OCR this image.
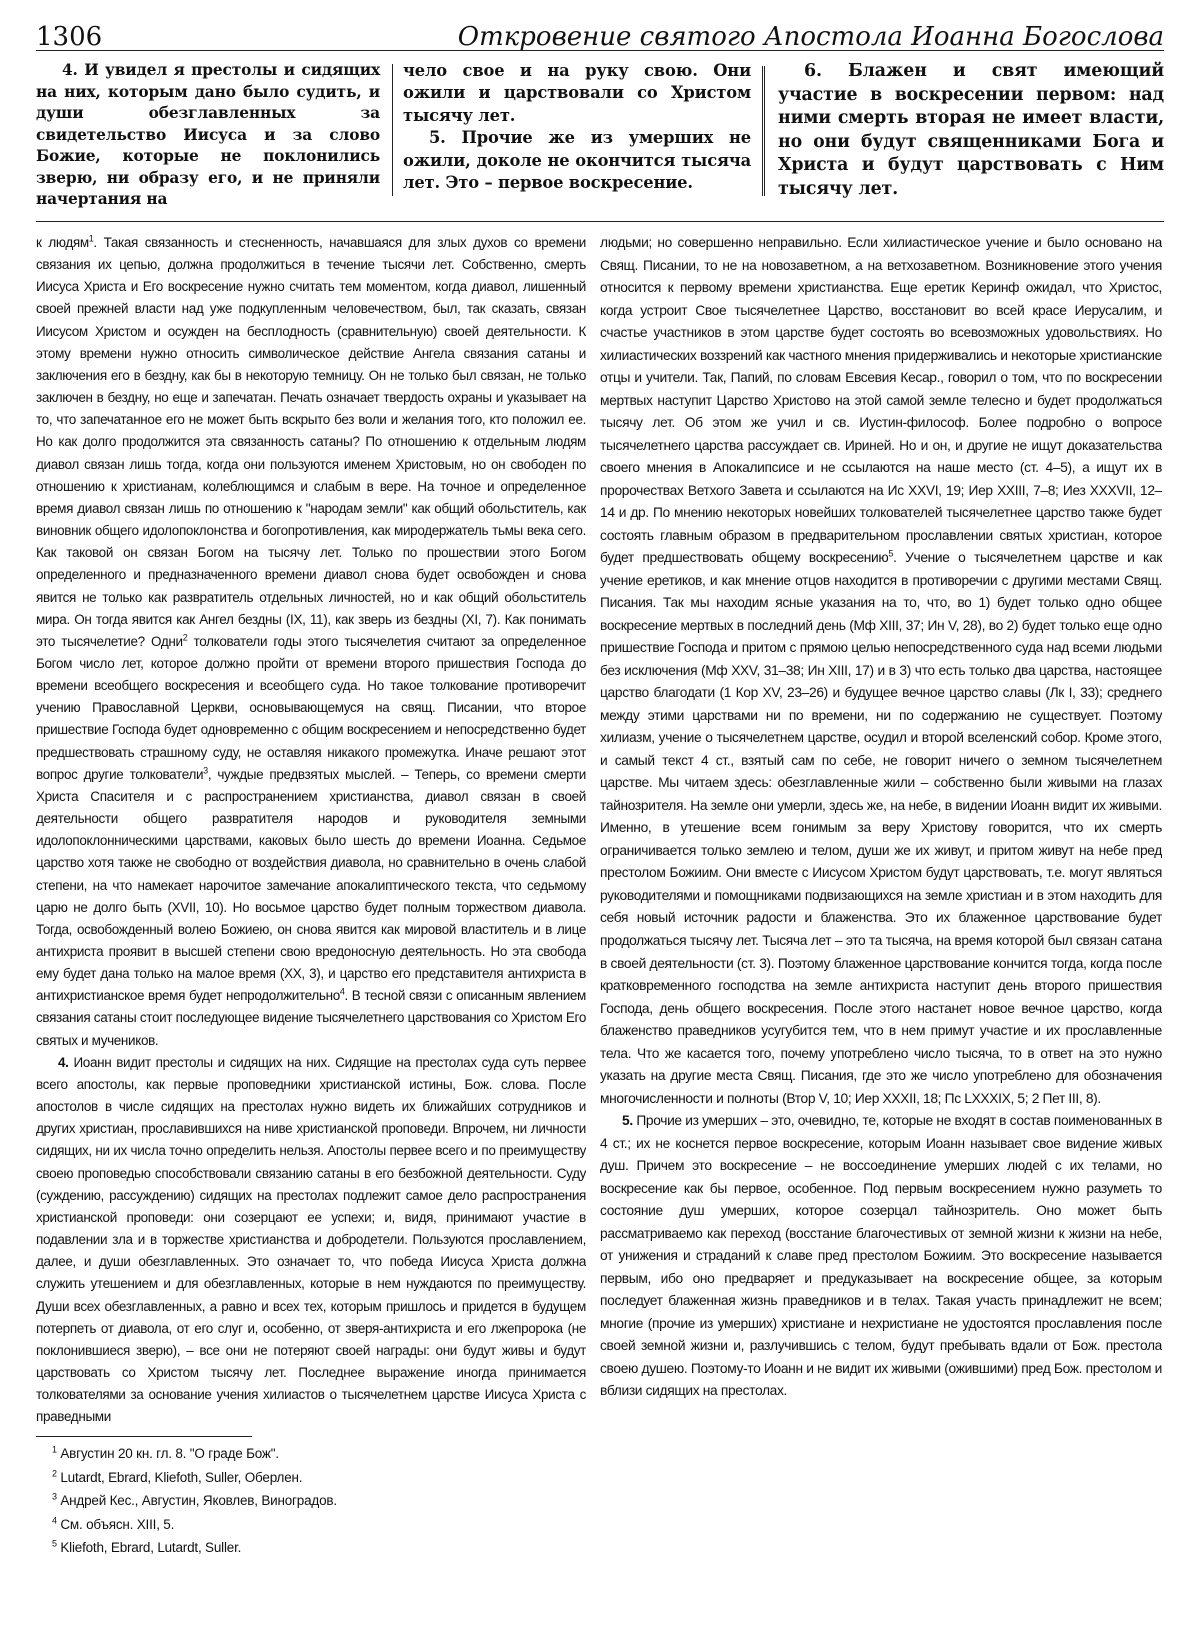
1306	Откровение святого Апостола Иоанна Богослова

4. И увидел я престолы и сидящих на них, которым дано было судить, и души обезглавленных за свидетельство Иисуса и за слово Божие, которые не поклонились зверю, ни образу его, и не приняли начертания на

чело свое и на руку свою. Они ожили и царствовали со Христом тысячу лет.

5. Прочие же из умерших не ожили, доколе не окончится тысяча лет. Это – первое воскресение.

6. Блажен и свят имеющий участие в воскресении первом: над ними смерть вторая не имеет власти, но они будут священниками Бога и Христа и будут царствовать с Ним тысячу лет.

к людям$^1$. Такая связанность и стесненность, начавшаяся для злых духов со времени связания их цепью, должна продолжиться в течение тысячи лет. Собственно, смерть Иисуса Христа и Его воскресение нужно считать тем моментом, когда диавол, лишенный своей прежней власти над уже подкупленным человечеством, был, так сказать, связан Иисусом Христом и осужден на бесплодность (сравнительную) своей деятельности. К этому времени нужно относить символическое действие Ангела связания сатаны и заключения его в бездну, как бы в некоторую темницу. Он не только был связан, не только заключен в бездну, но еще и запечатан. Печать означает твердость охраны и указывает на то, что запечатанное его не может быть вскрыто без воли и желания того, кто положил ее. Но как долго продолжится эта связанность сатаны? По отношению к отдельным людям диавол связан лишь тогда, когда они пользуются именем Христовым, но он свободен по отношению к христианам, колеблющимся и слабым в вере. На точное и определенное время диавол связан лишь по отношению к "народам земли" как общий обольститель, как виновник общего идолопоклонства и богопротивления, как миродержатель тьмы века сего. Как таковой он связан Богом на тысячу лет. Только по прошествии этого Богом определенного и предназначенного времени диавол снова будет освобожден и снова явится не только как развратитель отдельных личностей, но и как общий обольститель мира. Он тогда явится как Ангел бездны (IX, 11), как зверь из бездны (XI, 7). Как понимать это тысячелетие? Одни$^2$ толкователи годы этого тысячелетия считают за определенное Богом число лет, которое должно пройти от времени второго пришествия Господа до времени всеобщего воскресения и всеобщего суда. Но такое толкование противоречит учению Православной Церкви, основывающемуся на свящ. Писании, что второе пришествие Господа будет одновременно с общим воскресением и непосредственно будет предшествовать страшному суду, не оставляя никакого промежутка. Иначе решают этот вопрос другие толкователи$^3$, чуждые предвзятых мыслей. – Теперь, со времени смерти Христа Спасителя и с распространением христианства, диавол связан в своей деятельности общего развратителя народов и руководителя земными идолопоклонническими царствами, каковых было шесть до времени Иоанна. Седьмое царство хотя также не свободно от воздействия диавола, но сравнительно в очень слабой степени, на что намекает нарочитое замечание апокалиптического текста, что седьмому царю не долго быть (XVII, 10). Но восьмое царство будет полным торжеством диавола. Тогда, освобожденный волею Божиею, он снова явится как мировой властитель и в лице антихриста проявит в высшей степени свою вредоносную деятельность. Но эта свобода ему будет дана только на малое время (XX, 3), и царство его представителя антихриста в антихристианское время будет непродолжительно$^4$. В тесной связи с описанным явлением связания сатаны стоит последующее видение тысячелетнего царствования со Христом Его святых и мучеников.

4. Иоанн видит престолы и сидящих на них. Сидящие на престолах суда суть первее всего апостолы, как первые проповедники христианской истины, Бож. слова. После апостолов в числе сидящих на престолах нужно видеть их ближайших сотрудников и других христиан, прославившихся на ниве христианской проповеди. Впрочем, ни личности сидящих, ни их числа точно определить нельзя. Апостолы первее всего и по преимуществу своею проповедью способствовали связанию сатаны в его безбожной деятельности. Суду (суждению, рассуждению) сидящих на престолах подлежит самое дело распространения христианской проповеди: они созерцают ее успехи; и, видя, принимают участие в подавлении зла и в торжестве христианства и добродетели. Пользуются прославлением, далее, и души обезглавленных. Это означает то, что победа Иисуса Христа должна служить утешением и для обезглавленных, которые в нем нуждаются по преимуществу. Души всех обезглавленных, а равно и всех тех, которым пришлось и придется в будущем потерпеть от диавола, от его слуг и, особенно, от зверя-антихриста и его лжепророка (не поклонившиеся зверю), – все они не потеряют своей награды: они будут живы и будут царствовать со Христом тысячу лет. Последнее выражение иногда принимается толкователями за основание учения хилиастов о тысячелетнем царстве Иисуса Христа с праведными

людьми; но совершенно неправильно. Если хилиастическое учение и было основано на Свящ. Писании, то не на новозаветном, а на ветхозаветном. Возникновение этого учения относится к первому времени христианства. Еще еретик Керинф ожидал, что Христос, когда устроит Свое тысячелетнее Царство, восстановит во всей красе Иерусалим, и счастье участников в этом царстве будет состоять во всевозможных удовольствиях. Но хилиастических воззрений как частного мнения придерживались и некоторые христианские отцы и учители. Так, Папий, по словам Евсевия Кесар., говорил о том, что по воскресении мертвых наступит Царство Христово на этой самой земле телесно и будет продолжаться тысячу лет. Об этом же учил и св. Иустин-философ. Более подробно о вопросе тысячелетнего царства рассуждает св. Ириней. Но и он, и другие не ищут доказательства своего мнения в Апокалипсисе и не ссылаются на наше место (ст. 4–5), а ищут их в пророчествах Ветхого Завета и ссылаются на Ис XXVI, 19; Иер XXIII, 7–8; Иез XXXVII, 12–14 и др. По мнению некоторых новейших толкователей тысячелетнее царство также будет состоять главным образом в предварительном прославлении святых христиан, которое будет предшествовать общему воскресению$^5$. Учение о тысячелетнем царстве и как учение еретиков, и как мнение отцов находится в противоречии с другими местами Свящ. Писания. Так мы находим ясные указания на то, что, во 1) будет только одно общее воскресение мертвых в последний день (Мф XIII, 37; Ин V, 28), во 2) будет только еще одно пришествие Господа и притом с прямою целью непосредственного суда над всеми людьми без исключения (Мф XXV, 31–38; Ин XIII, 17) и в 3) что есть только два царства, настоящее царство благодати (1 Кор XV, 23–26) и будущее вечное царство славы (Лк I, 33); среднего между этими царствами ни по времени, ни по содержанию не существует. Поэтому хилиазм, учение о тысячелетнем царстве, осудил и второй вселенский собор. Кроме этого, и самый текст 4 ст., взятый сам по себе, не говорит ничего о земном тысячелетнем царстве. Мы читаем здесь: обезглавленные жили – собственно были живыми на глазах тайнозрителя. На земле они умерли, здесь же, на небе, в видении Иоанн видит их живыми. Именно, в утешение всем гонимым за веру Христову говорится, что их смерть ограничивается только землею и телом, души же их живут, и притом живут на небе пред престолом Божиим. Они вместе с Иисусом Христом будут царствовать, т.е. могут являться руководителями и помощниками подвизающихся на земле христиан и в этом находить для себя новый источник радости и блаженства. Это их блаженное царствование будет продолжаться тысячу лет. Тысяча лет – это та тысяча, на время которой был связан сатана в своей деятельности (ст. 3). Поэтому блаженное царствование кончится тогда, когда после кратковременного господства на земле антихриста наступит день второго пришествия Господа, день общего воскресения. После этого настанет новое вечное царство, когда блаженство праведников усугубится тем, что в нем примут участие и их прославленные тела. Что же касается того, почему употреблено число тысяча, то в ответ на это нужно указать на другие места Свящ. Писания, где это же число употреблено для обозначения многочисленности и полноты (Втор V, 10; Иер XXXII, 18; Пс LXXXIX, 5; 2 Пет III, 8).

5. Прочие из умерших – это, очевидно, те, которые не входят в состав поименованных в 4 ст.; их не коснется первое воскресение, которым Иоанн называет свое видение живых душ. Причем это воскресение – не воссоединение умерших людей с их телами, но воскресение как бы первое, особенное. Под первым воскресением нужно разуметь то состояние душ умерших, которое созерцал тайнозритель. Оно может быть рассматриваемо как переход (восстание благочестивых от земной жизни к жизни на небе, от унижения и страданий к славе пред престолом Божиим. Это воскресение называется первым, ибо оно предваряет и предуказывает на воскресение общее, за которым последует блаженная жизнь праведников и в телах. Такая участь принадлежит не всем; многие (прочие из умерших) христиане и нехристиане не удостоятся прославления после своей земной жизни и, разлучившись с телом, будут пребывать вдали от Бож. престола своею душею. Поэтому-то Иоанн и не видит их живыми (ожившими) пред Бож. престолом и вблизи сидящих на престолах.

$^1$ Августин 20 кн. гл. 8. "О граде Бож".
$^2$ Lutardt, Ebrard, Kliefoth, Suller, Оберлен.
$^3$ Андрей Кес., Августин, Яковлев, Виноградов.
$^4$ См. объясн. XIII, 5.
$^5$ Kliefoth, Ebrard, Lutardt, Suller.
